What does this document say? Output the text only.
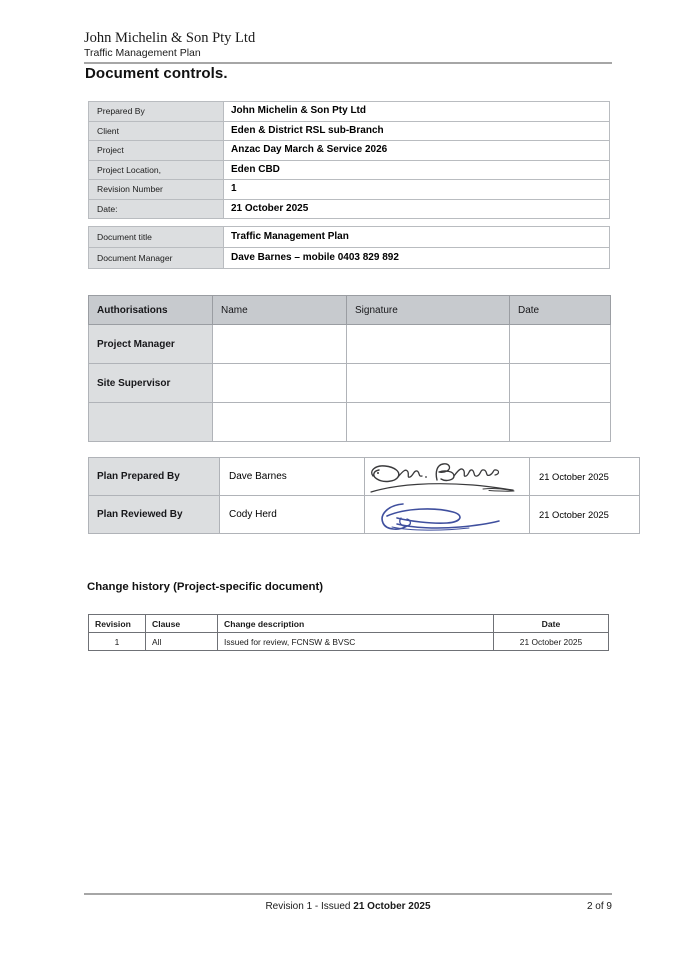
John Michelin & Son Pty Ltd
Traffic Management Plan
Document controls.
Prepared By	John Michelin & Son Pty Ltd
Client	Eden & District RSL sub-Branch
Project	Anzac Day March & Service 2026
Project Location,	Eden CBD
Revision Number	1
Date:	21 October 2025
Document title	Traffic Management Plan
Document Manager	Dave Barnes – mobile 0403 829 892
Authorisations	Name	Signature	Date
Project Manager			
Site Supervisor			

Plan Prepared By	Dave Barnes		21 October 2025
Plan Reviewed By	Cody Herd		21 October 2025
Change history (Project-specific document)
Revision	Clause	Change description	Date
1	All	Issued for review, FCNSW & BVSC	21 October 2025
Revision 1 - Issued 21 October 2025	2 of 9
